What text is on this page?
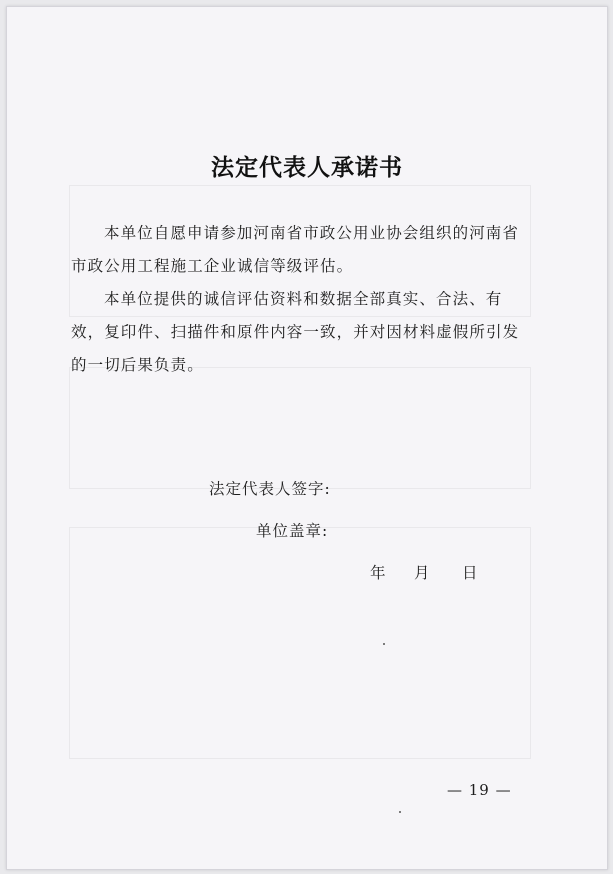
法定代表人承诺书

本单位自愿申请参加河南省市政公用业协会组织的河南省市政公用工程施工企业诚信等级评估。

本单位提供的诚信评估资料和数据全部真实、合法、有效，复印件、扫描件和原件内容一致，并对因材料虚假所引发的一切后果负责。

法定代表人签字:
单位盖章:
年 月 日
— 19 —
